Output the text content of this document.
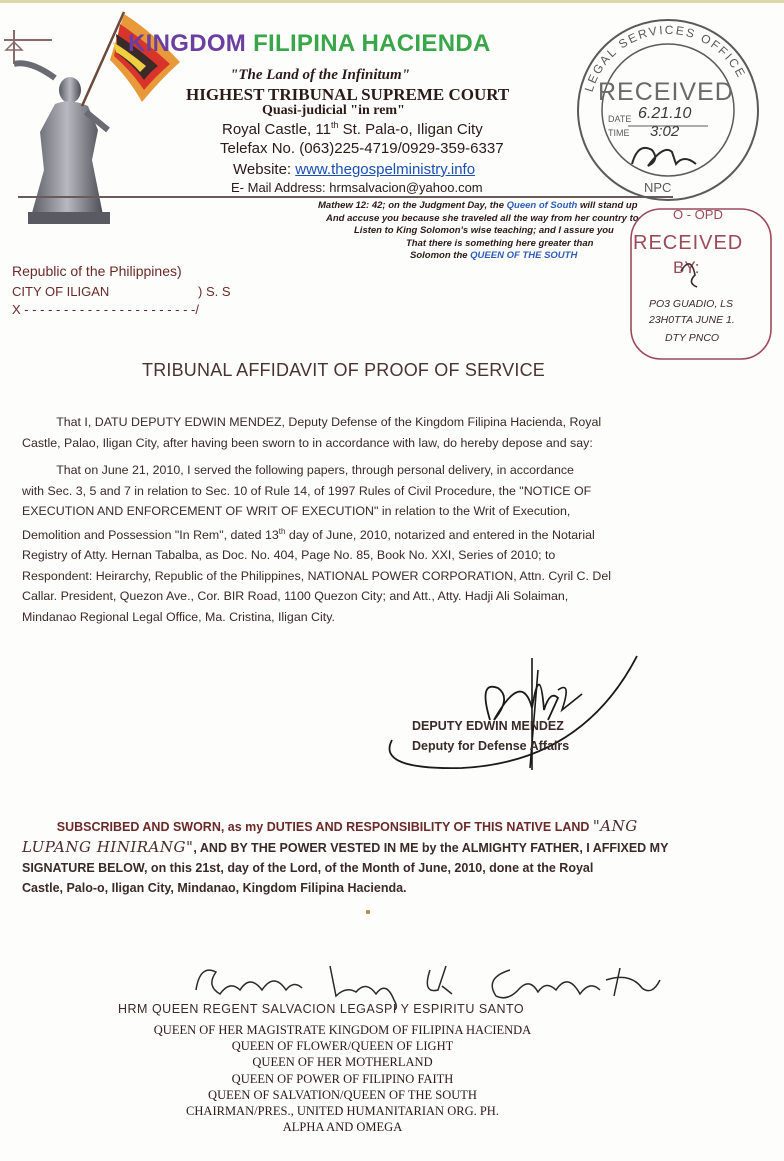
KINGDOM FILIPINA HACIENDA
"The Land of the Infinitum"
HIGHEST TRIBUNAL SUPREME COURT
Quasi-judicial "in rem"
Royal Castle, 11th St. Pala-o, Iligan City
Telefax No. (063)225-4719/0929-359-6337
Website: www.thegospelministry.info
E- Mail Address: hrmsalvacion@yahoo.com
Mathew 12: 42; on the Judgment Day, the Queen of South will stand up
And accuse you because she traveled all the way from her country to
Listen to King Solomon's wise teaching; and I assure you
That there is something here greater than
Solomon the QUEEN OF THE SOUTH
LEGAL SERVICES OFFICE
NPC
RECEIVED
DATE 6.21.10
TIME 3:02
O - OPD
RECEIVED
BY:
PO3 GUADIO, LS
23H0TTA JUNE 1.
DTY PNCO
Republic of the Philippines)
CITY OF ILIGAN	) S. S
X - - - - - - - - - - - - - - - - - - - - - -/
TRIBUNAL AFFIDAVIT OF PROOF OF SERVICE
That I, DATU DEPUTY EDWIN MENDEZ, Deputy Defense of the Kingdom Filipina Hacienda, Royal
Castle, Palao, Iligan City, after having been sworn to in accordance with law, do hereby depose and say:
That on June 21, 2010, I served the following papers, through personal delivery, in accordance
with Sec. 3, 5 and 7 in relation to Sec. 10 of Rule 14, of 1997 Rules of Civil Procedure, the "NOTICE OF
EXECUTION AND ENFORCEMENT OF WRIT OF EXECUTION" in relation to the Writ of Execution,
Demolition and Possession "In Rem", dated 13th day of June, 2010, notarized and entered in the Notarial
Registry of Atty. Hernan Tabalba, as Doc. No. 404, Page No. 85, Book No. XXI, Series of 2010; to
Respondent: Heirarchy, Republic of the Philippines, NATIONAL POWER CORPORATION, Attn. Cyril C. Del
Callar. President, Quezon Ave., Cor. BIR Road, 1100 Quezon City; and Att., Atty. Hadji Ali Solaiman,
Mindanao Regional Legal Office, Ma. Cristina, Iligan City.
DEPUTY EDWIN MENDEZ
Deputy for Defense Affairs
SUBSCRIBED AND SWORN, as my DUTIES AND RESPONSIBILITY OF THIS NATIVE LAND "ANG
LUPANG HINIRANG", AND BY THE POWER VESTED IN ME by the ALMIGHTY FATHER, I AFFIXED MY
SIGNATURE BELOW, on this 21st, day of the Lord, of the Month of June, 2010, done at the Royal
Castle, Palo-o, Iligan City, Mindanao, Kingdom Filipina Hacienda.
HRM QUEEN REGENT SALVACION LEGASPI Y ESPIRITU SANTO
QUEEN OF HER MAGISTRATE KINGDOM OF FILIPINA HACIENDA
QUEEN OF FLOWER/QUEEN OF LIGHT
QUEEN OF HER MOTHERLAND
QUEEN OF POWER OF FILIPINO FAITH
QUEEN OF SALVATION/QUEEN OF THE SOUTH
CHAIRMAN/PRES., UNITED HUMANITARIAN ORG. PH.
ALPHA AND OMEGA
